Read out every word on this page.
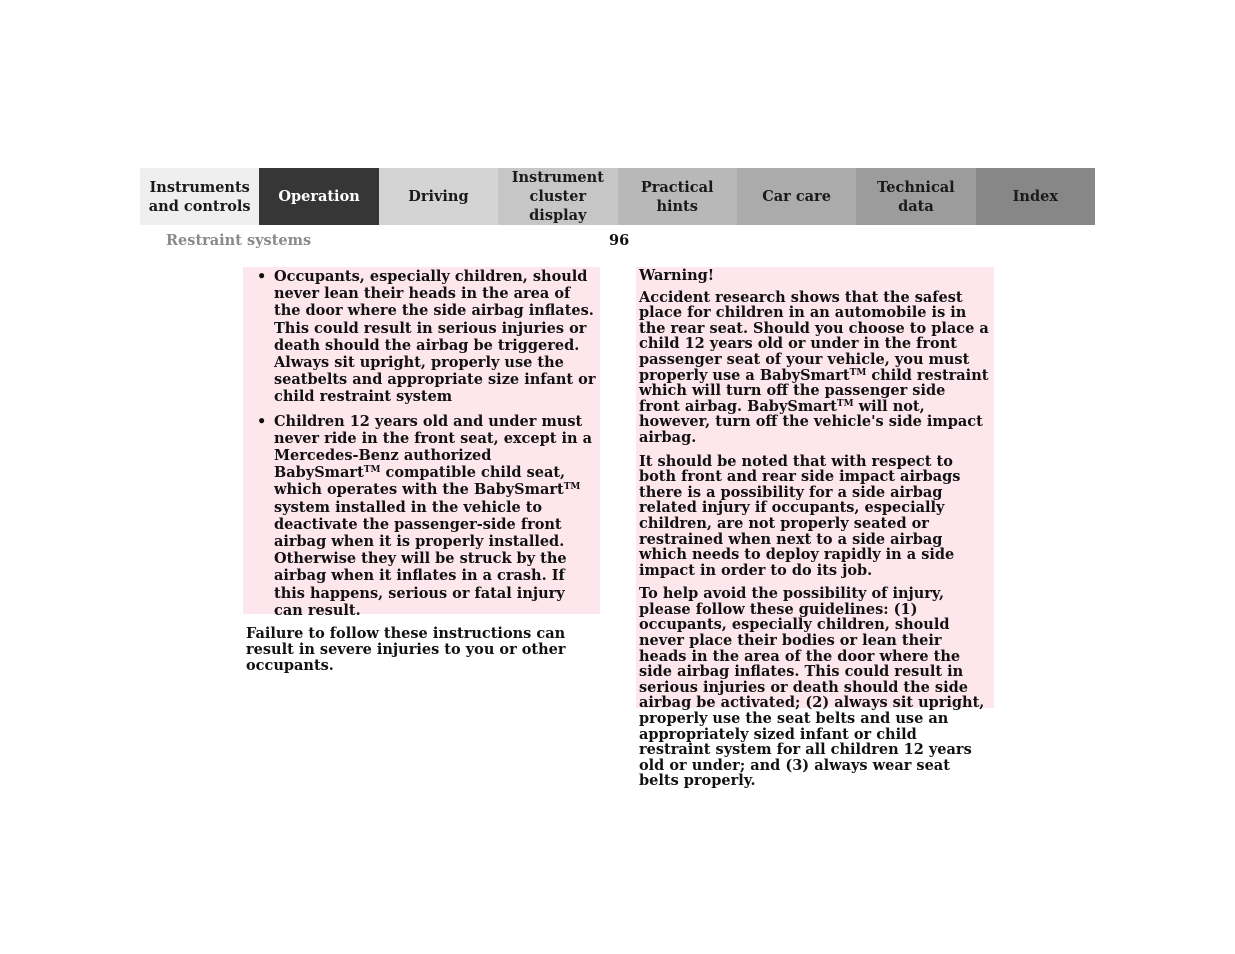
Instruments
and controls
Operation	Driving
Instrument
cluster display
Practical hints
Car care
Technical
data
Index
Restraint systems	96
• Occupants, especially children, should never lean their heads in the area of the door where the side airbag inflates. This could result in serious injuries or death should the airbag be triggered. Always sit upright, properly use the seatbelts and appropriate size infant or child restraint system
• Children 12 years old and under must never ride in the front seat, except in a Mercedes-Benz authorized BabySmart™ compatible child seat, which operates with the BabySmart™ system installed in the vehicle to deactivate the passenger-side front airbag when it is properly installed. Otherwise they will be struck by the airbag when it inflates in a crash. If this happens, serious or fatal injury can result.

Failure to follow these instructions can result in severe injuries to you or other occupants.

Warning!

Accident research shows that the safest place for children in an automobile is in the rear seat. Should you choose to place a child 12 years old or under in the front passenger seat of your vehicle, you must properly use a BabySmart™ child restraint which will turn off the passenger side front airbag. BabySmart™ will not, however, turn off the vehicle's side impact airbag.

It should be noted that with respect to both front and rear side impact airbags there is a possibility for a side airbag related injury if occupants, especially children, are not properly seated or restrained when next to a side airbag which needs to deploy rapidly in a side impact in order to do its job.

To help avoid the possibility of injury, please follow these guidelines: (1) occupants, especially children, should never place their bodies or lean their heads in the area of the door where the side airbag inflates. This could result in serious injuries or death should the side airbag be activated; (2) always sit upright, properly use the seat belts and use an appropriately sized infant or child restraint system for all children 12 years old or under; and (3) always wear seat belts properly.
